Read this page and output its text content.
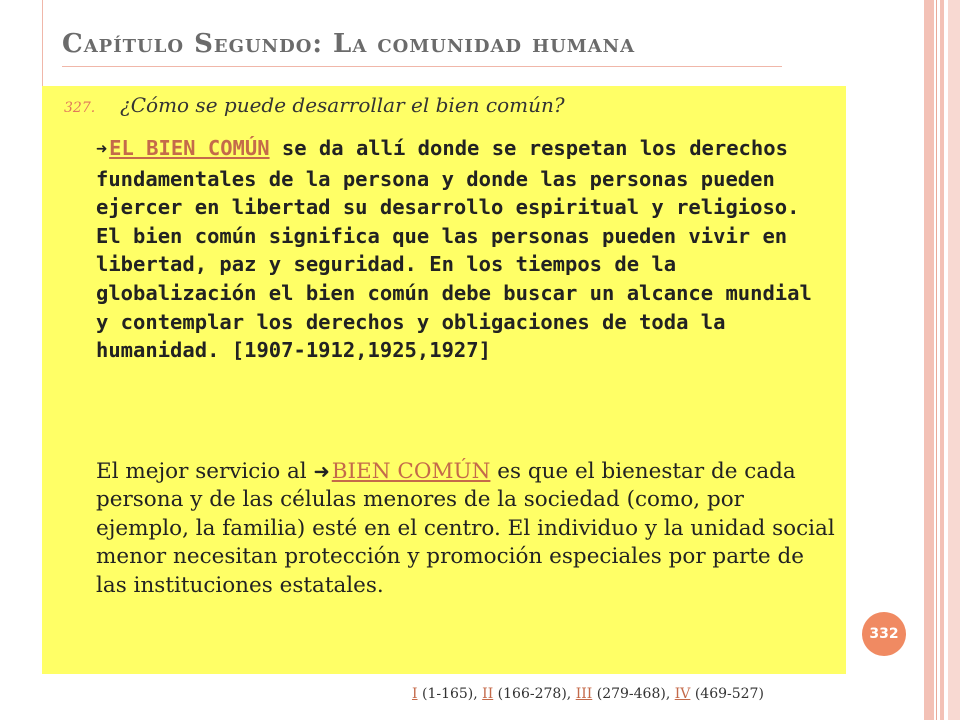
Capítulo Segundo: La comunidad humana
327.	¿Cómo se puede desarrollar el bien común?
➜EL BIEN COMÚN se da allí donde se respetan los derechos fundamentales de la persona y donde las personas pueden ejercer en libertad su desarrollo espiritual y religioso. El bien común significa que las personas pueden vivir en libertad, paz y seguridad. En los tiempos de la globalización el bien común debe buscar un alcance mundial y contemplar los derechos y obligaciones de toda la humanidad. [1907-1912,1925,1927]
El mejor servicio al ➜BIEN COMÚN es que el bienestar de cada persona y de las células menores de la sociedad (como, por ejemplo, la familia) esté en el centro. El individuo y la unidad social menor necesitan protección y promoción especiales por parte de las instituciones estatales.
332
I (1-165), II (166-278), III (279-468), IV (469-527)
